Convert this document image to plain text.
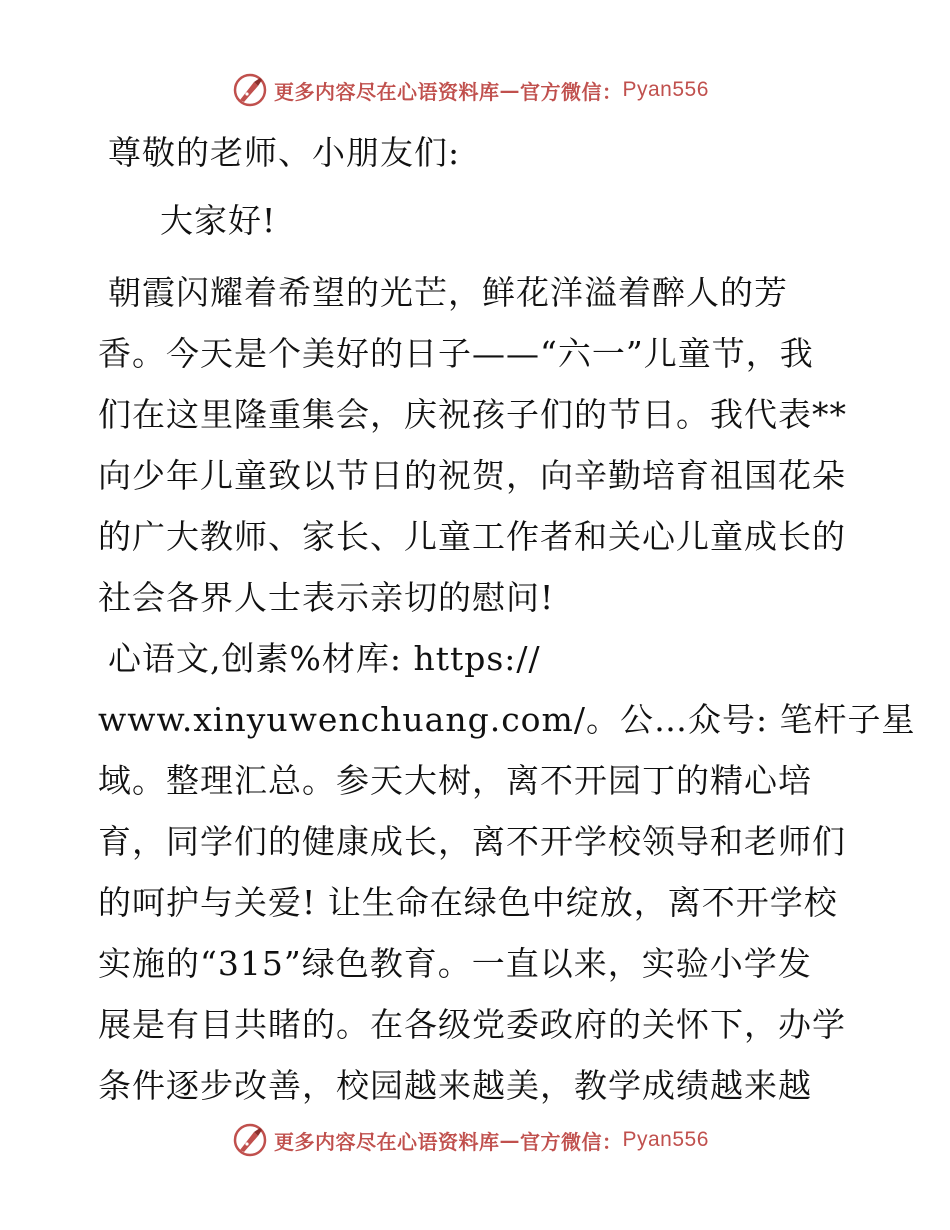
更多内容尽在心语资料库 — 官方微信： Pyan556
尊敬的老师、小朋友们:
大家好!
朝霞闪耀着希望的光芒，鲜花洋溢着醉人的芳
香。今天是个美好的日子——“六一”儿童节，我
们在这里隆重集会，庆祝孩子们的节日。我代表**
向少年儿童致以节日的祝贺，向辛勤培育祖国花朵
的广大教师、家长、儿童工作者和关心儿童成长的
社会各界人士表示亲切的慰问!
心语文,创素%材库: https://
www.xinyuwenchuang.com/。公…众号: 笔杆子星
域。整理汇总。参天大树，离不开园丁的精心培
育，同学们的健康成长，离不开学校领导和老师们
的呵护与关爱! 让生命在绿色中绽放，离不开学校
实施的“315”绿色教育。一直以来，实验小学发
展是有目共睹的。在各级党委政府的关怀下，办学
条件逐步改善，校园越来越美，教学成绩越来越
更多内容尽在心语资料库 — 官方微信： Pyan556
